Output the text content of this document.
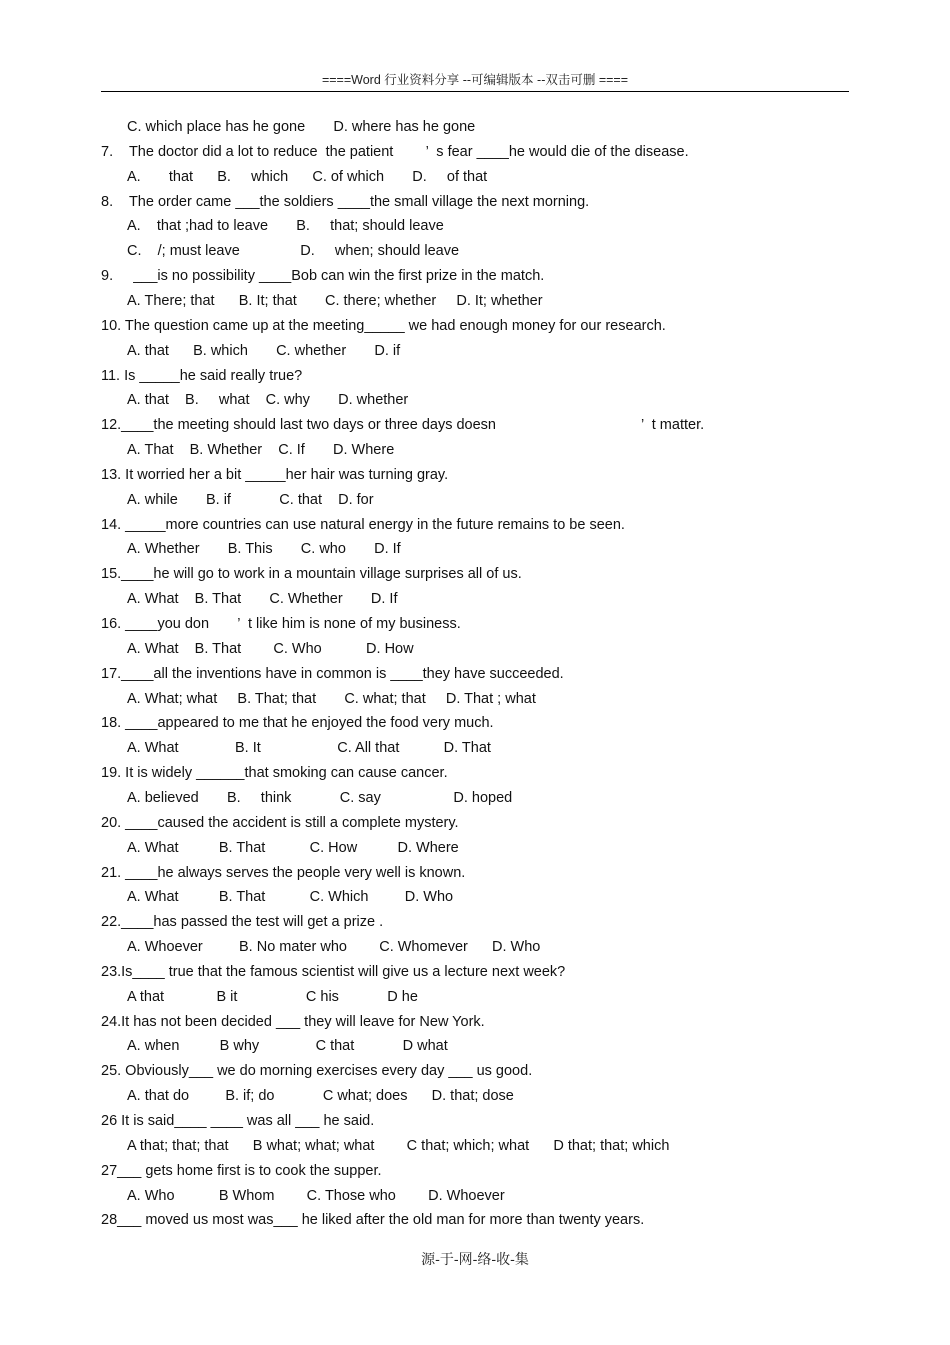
====Word 行业资料分享 --可编辑版本 --双击可删 ====
C. which place has he gone       D. where has he gone
7.    The doctor did a lot to reduce  the patient        ’  s fear ____he would die of the disease.
A.       that      B.     which      C. of which       D.     of that
8.    The order came ___the soldiers ____the small village the next morning.
A.    that ;had to leave       B.     that; should leave
C.    /; must leave               D.     when; should leave
9.     ___is no possibility ____Bob can win the first prize in the match.
A. There; that      B. It; that       C. there; whether     D. It; whether
10. The question came up at the meeting_____ we had enough money for our research.
A. that      B. which       C. whether       D. if
11. Is _____he said really true?
A. that    B.     what    C. why       D. whether
12.____the meeting should last two days or three days doesn                                    ’  t matter.
A. That    B. Whether    C. If       D. Where
13. It worried her a bit _____her hair was turning gray.
A. while       B. if            C. that    D. for
14. _____more countries can use natural energy in the future remains to be seen.
A. Whether       B. This       C. who       D. If
15.____he will go to work in a mountain village surprises all of us.
A. What    B. That       C. Whether       D. If
16. ____you don       ’  t like him is none of my business.
A. What    B. That        C. Who           D. How
17.____all the inventions have in common is ____they have succeeded.
A. What; what     B. That; that       C. what; that     D. That ; what
18. ____appeared to me that he enjoyed the food very much.
A. What              B. It                   C. All that           D. That
19. It is widely ______that smoking can cause cancer.
A. believed       B.     think            C. say                  D. hoped
20. ____caused the accident is still a complete mystery.
A. What          B. That           C. How          D. Where
21. ____he always serves the people very well is known.
A. What          B. That           C. Which         D. Who
22.____has passed the test will get a prize .
A. Whoever         B. No mater who        C. Whomever      D. Who
23.Is____ true that the famous scientist will give us a lecture next week?
A that             B it                 C his            D he
24.It has not been decided ___ they will leave for New York.
A. when          B why              C that            D what
25. Obviously___ we do morning exercises every day ___ us good.
A. that do         B. if; do            C what; does      D. that; dose
26 It is said____ ____ was all ___ he said.
A that; that; that      B what; what; what        C that; which; what      D that; that; which
27___ gets home first is to cook the supper.
A. Who           B Whom        C. Those who        D. Whoever
28___ moved us most was___ he liked after the old man for more than twenty years.
源-于-网-络-收-集
